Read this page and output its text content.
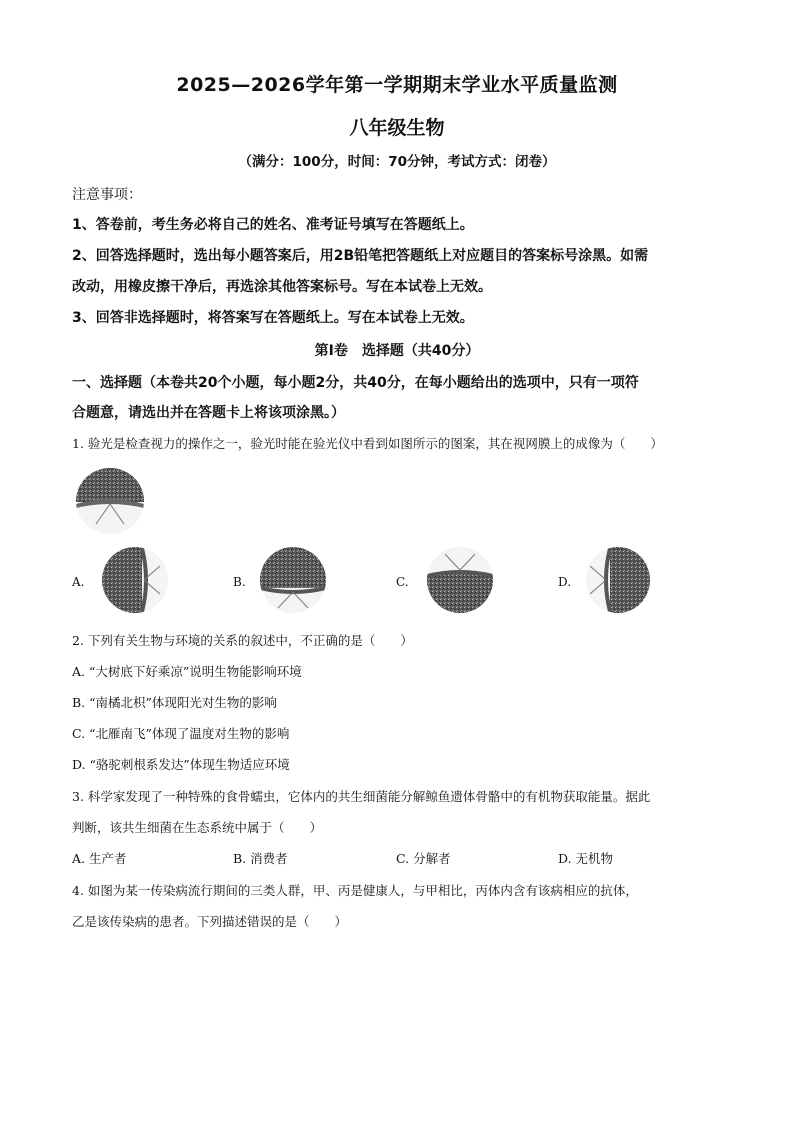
2025—2026学年第一学期期末学业水平质量监测
八年级生物
（满分：100分，时间：70分钟，考试方式：闭卷）
注意事项：
1、答卷前，考生务必将自己的姓名、准考证号填写在答题纸上。
2、回答选择题时，选出每小题答案后，用2B铅笔把答题纸上对应题目的答案标号涂黑。如需
改动，用橡皮擦干净后，再选涂其他答案标号。写在本试卷上无效。
3、回答非选择题时，将答案写在答题纸上。写在本试卷上无效。
第Ⅰ卷　选择题（共40分）
一、选择题（本卷共20个小题，每小题2分，共40分，在每小题给出的选项中，只有一项符
合题意，请选出并在答题卡上将该项涂黑。）
1. 验光是检查视力的操作之一，验光时能在验光仪中看到如图所示的图案，其在视网膜上的成像为（　　）
A.	B.	C.	D.
2. 下列有关生物与环境的关系的叙述中，不正确的是（　　）
A. “大树底下好乘凉”说明生物能影响环境
B. “南橘北枳”体现阳光对生物的影响
C. “北雁南飞”体现了温度对生物的影响
D. “骆驼刺根系发达”体现生物适应环境
3. 科学家发现了一种特殊的食骨蠕虫，它体内的共生细菌能分解鲸鱼遗体骨骼中的有机物获取能量。据此
判断，该共生细菌在生态系统中属于（　　）
A. 生产者	B. 消费者	C. 分解者	D. 无机物
4. 如图为某一传染病流行期间的三类人群，甲、丙是健康人，与甲相比，丙体内含有该病相应的抗体，
乙是该传染病的患者。下列描述错误的是（　　）
